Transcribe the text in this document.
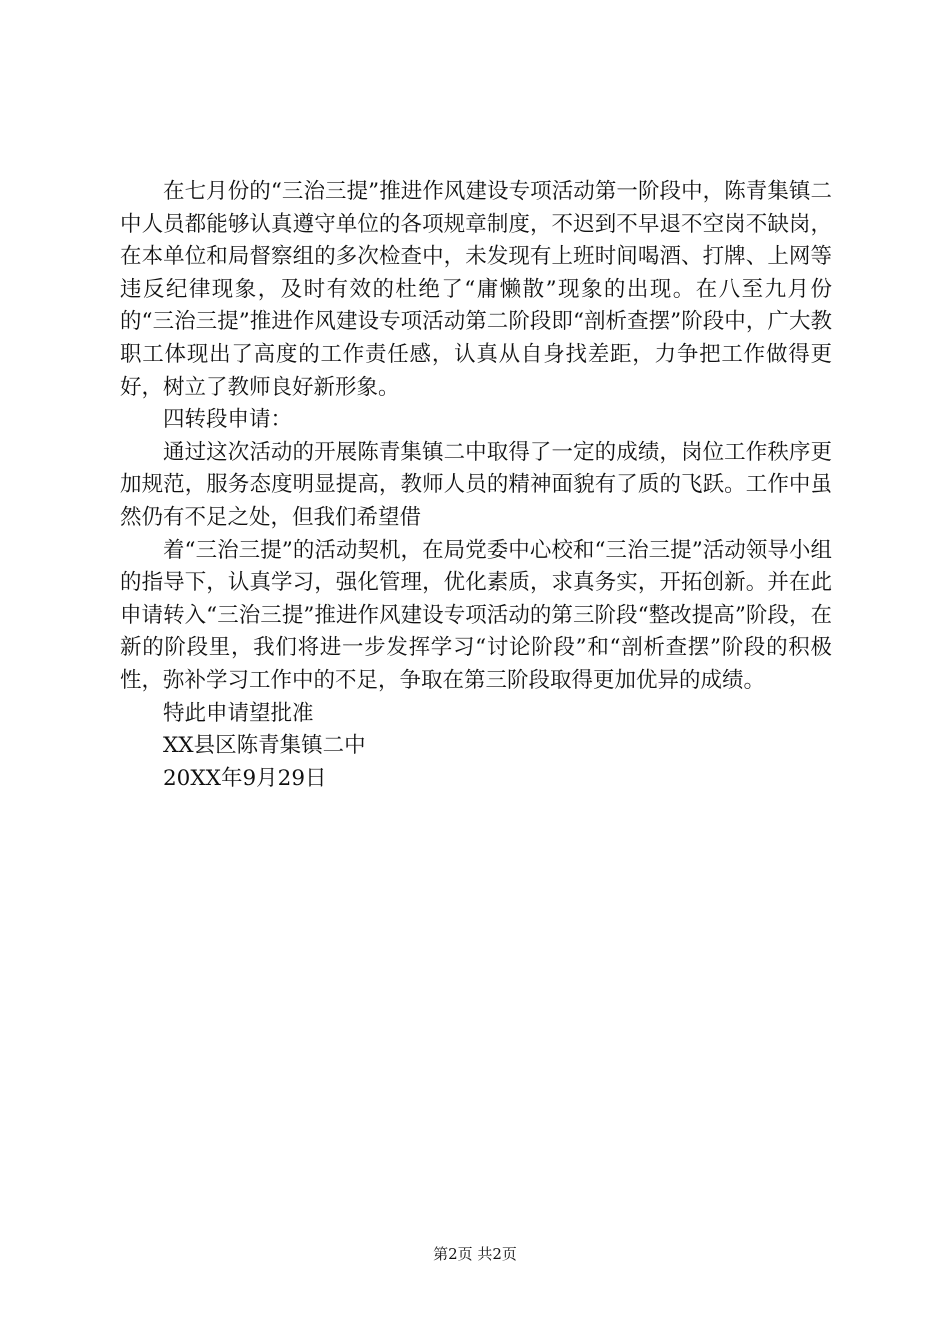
在七月份的“三治三提”推进作风建设专项活动第一阶段中，陈青集镇二中人员都能够认真遵守单位的各项规章制度，不迟到不早退不空岗不缺岗，在本单位和局督察组的多次检查中，未发现有上班时间喝酒、打牌、上网等违反纪律现象，及时有效的杜绝了“庸懒散”现象的出现。在八至九月份的“三治三提”推进作风建设专项活动第二阶段即“剖析查摆”阶段中，广大教职工体现出了高度的工作责任感，认真从自身找差距，力争把工作做得更好，树立了教师良好新形象。

四转段申请：

通过这次活动的开展陈青集镇二中取得了一定的成绩，岗位工作秩序更加规范，服务态度明显提高，教师人员的精神面貌有了质的飞跃。工作中虽然仍有不足之处，但我们希望借

着“三治三提”的活动契机，在局党委中心校和“三治三提”活动领导小组的指导下，认真学习，强化管理，优化素质，求真务实，开拓创新。并在此申请转入“三治三提”推进作风建设专项活动的第三阶段“整改提高”阶段，在新的阶段里，我们将进一步发挥学习“讨论阶段”和“剖析查摆”阶段的积极性，弥补学习工作中的不足，争取在第三阶段取得更加优异的成绩。

特此申请望批准

XX县区陈青集镇二中

20XX年9月29日

第2页 共2页
